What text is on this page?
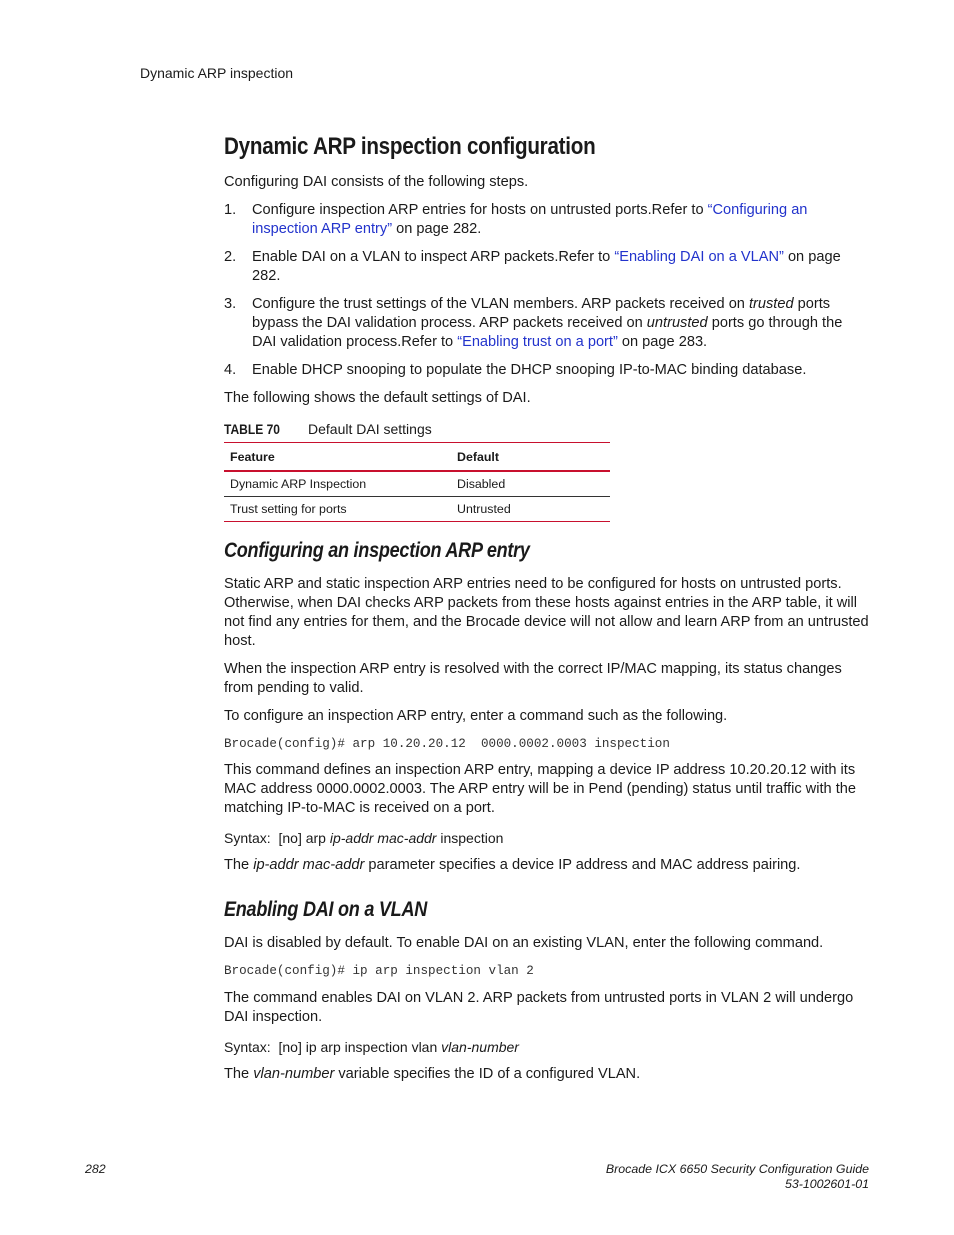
Dynamic ARP inspection
Dynamic ARP inspection configuration

Configuring DAI consists of the following steps.

1. Configure inspection ARP entries for hosts on untrusted ports.Refer to “Configuring an inspection ARP entry” on page 282.
2. Enable DAI on a VLAN to inspect ARP packets.Refer to “Enabling DAI on a VLAN” on page 282.
3. Configure the trust settings of the VLAN members. ARP packets received on trusted ports bypass the DAI validation process. ARP packets received on untrusted ports go through the DAI validation process.Refer to “Enabling trust on a port” on page 283.
4. Enable DHCP snooping to populate the DHCP snooping IP-to-MAC binding database.

The following shows the default settings of DAI.

TABLE 70 Default DAI settings
Feature	Default
Dynamic ARP Inspection	Disabled
Trust setting for ports	Untrusted
Configuring an inspection ARP entry

Static ARP and static inspection ARP entries need to be configured for hosts on untrusted ports. Otherwise, when DAI checks ARP packets from these hosts against entries in the ARP table, it will not find any entries for them, and the Brocade device will not allow and learn ARP from an untrusted host.

When the inspection ARP entry is resolved with the correct IP/MAC mapping, its status changes from pending to valid.

To configure an inspection ARP entry, enter a command such as the following.

Brocade(config)# arp 10.20.20.12  0000.0002.0003 inspection

This command defines an inspection ARP entry, mapping a device IP address 10.20.20.12 with its MAC address 0000.0002.0003. The ARP entry will be in Pend (pending) status until traffic with the matching IP-to-MAC is received on a port.

Syntax: [no] arp ip-addr mac-addr inspection

The ip-addr mac-addr parameter specifies a device IP address and MAC address pairing.

Enabling DAI on a VLAN

DAI is disabled by default. To enable DAI on an existing VLAN, enter the following command.

Brocade(config)# ip arp inspection vlan 2

The command enables DAI on VLAN 2. ARP packets from untrusted ports in VLAN 2 will undergo DAI inspection.

Syntax: [no] ip arp inspection vlan vlan-number

The vlan-number variable specifies the ID of a configured VLAN.

282	Brocade ICX 6650 Security Configuration Guide
53-1002601-01
